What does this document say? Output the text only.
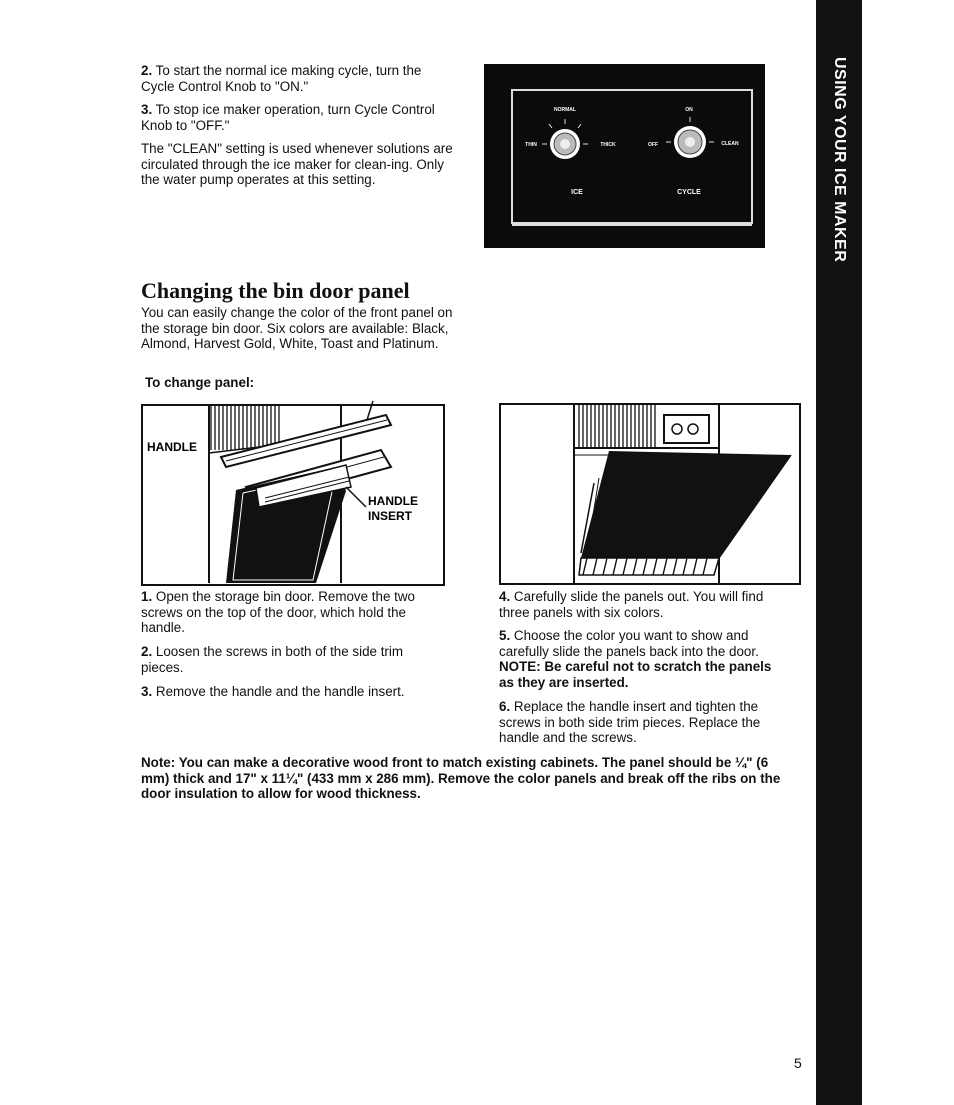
USING YOUR ICE MAKER

2. To start the normal ice making cycle, turn the Cycle Control Knob to "ON."

3. To stop ice maker operation, turn Cycle Control Knob to "OFF."

The "CLEAN" setting is used whenever solutions are circulated through the ice maker for clean-ing. Only the water pump operates at this setting.

NORMAL
THIN	THICK
ICE
ON
OFF	CLEAN
CYCLE
Changing the bin door panel

You can easily change the color of the front panel on the storage bin door. Six colors are available: Black, Almond, Harvest Gold, White, Toast and Platinum.

To change panel:

HANDLE
HANDLE
INSERT

1. Open the storage bin door. Remove the two screws on the top of the door, which hold the handle.

2. Loosen the screws in both of the side trim pieces.

3. Remove the handle and the handle insert.

4. Carefully slide the panels out. You will find three panels with six colors.

5. Choose the color you want to show and carefully slide the panels back into the door. NOTE: Be careful not to scratch the panels as they are inserted.

6. Replace the handle insert and tighten the screws in both side trim pieces. Replace the handle and the screws.

Note: You can make a decorative wood front to match existing cabinets. The panel should be ¼" (6 mm) thick and 17" x 11¼" (433 mm x 286 mm). Remove the color panels and break off the ribs on the door insulation to allow for wood thickness.

5
